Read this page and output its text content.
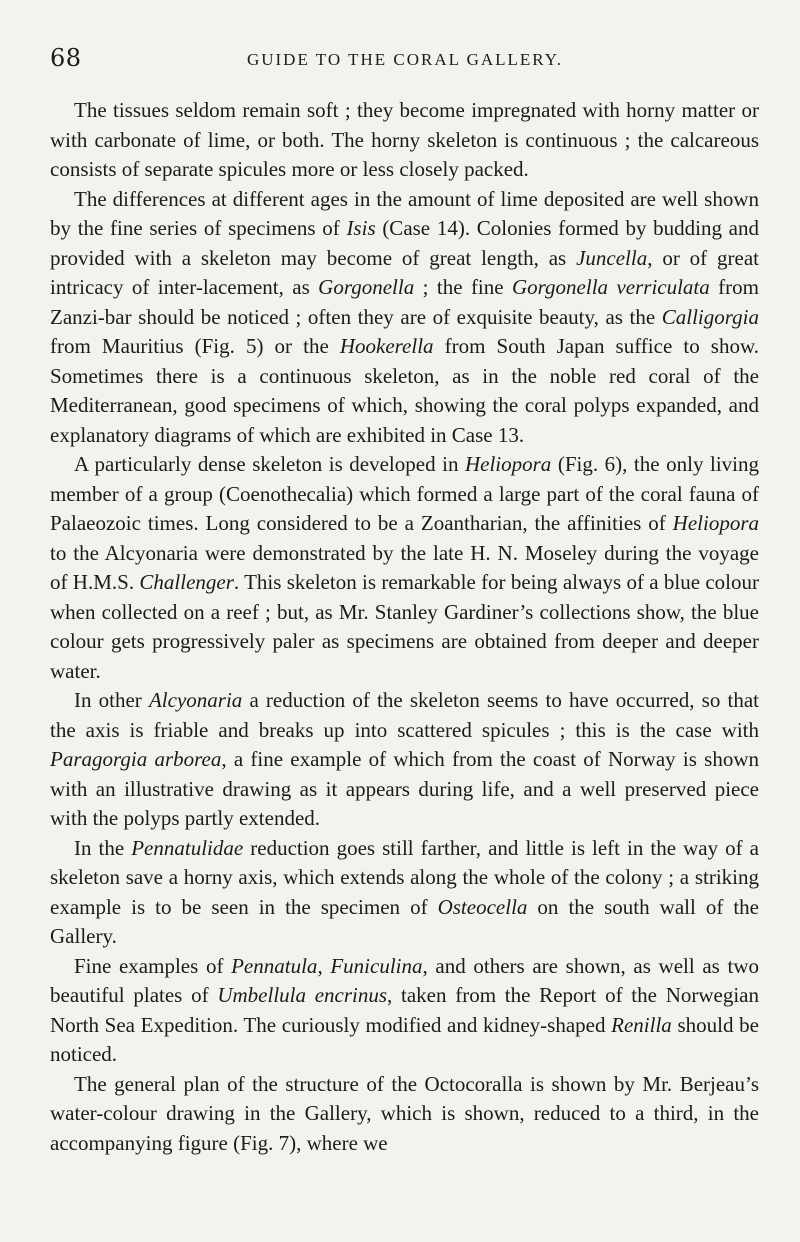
68	GUIDE TO THE CORAL GALLERY.

The tissues seldom remain soft ; they become impregnated with horny matter or with carbonate of lime, or both. The horny skeleton is continuous ; the calcareous consists of separate spicules more or less closely packed.

The differences at different ages in the amount of lime deposited are well shown by the fine series of specimens of Isis (Case 14). Colonies formed by budding and provided with a skeleton may become of great length, as Juncella, or of great intricacy of inter-lacement, as Gorgonella ; the fine Gorgonella verriculata from Zanzi-bar should be noticed ; often they are of exquisite beauty, as the Calligorgia from Mauritius (Fig. 5) or the Hookerella from South Japan suffice to show. Sometimes there is a continuous skeleton, as in the noble red coral of the Mediterranean, good specimens of which, showing the coral polyps expanded, and explanatory diagrams of which are exhibited in Case 13.

A particularly dense skeleton is developed in Heliopora (Fig. 6), the only living member of a group (Coenothecalia) which formed a large part of the coral fauna of Palaeozoic times. Long considered to be a Zoantharian, the affinities of Heliopora to the Alcyonaria were demonstrated by the late H. N. Moseley during the voyage of H.M.S. Challenger. This skeleton is remarkable for being always of a blue colour when collected on a reef ; but, as Mr. Stanley Gardiner’s collections show, the blue colour gets progressively paler as specimens are obtained from deeper and deeper water.

In other Alcyonaria a reduction of the skeleton seems to have occurred, so that the axis is friable and breaks up into scattered spicules ; this is the case with Paragorgia arborea, a fine example of which from the coast of Norway is shown with an illustrative drawing as it appears during life, and a well preserved piece with the polyps partly extended.

In the Pennatulidae reduction goes still farther, and little is left in the way of a skeleton save a horny axis, which extends along the whole of the colony ; a striking example is to be seen in the specimen of Osteocella on the south wall of the Gallery.

Fine examples of Pennatula, Funiculina, and others are shown, as well as two beautiful plates of Umbellula encrinus, taken from the Report of the Norwegian North Sea Expedition. The curiously modified and kidney-shaped Renilla should be noticed.

The general plan of the structure of the Octocoralla is shown by Mr. Berjeau’s water-colour drawing in the Gallery, which is shown, reduced to a third, in the accompanying figure (Fig. 7), where we
